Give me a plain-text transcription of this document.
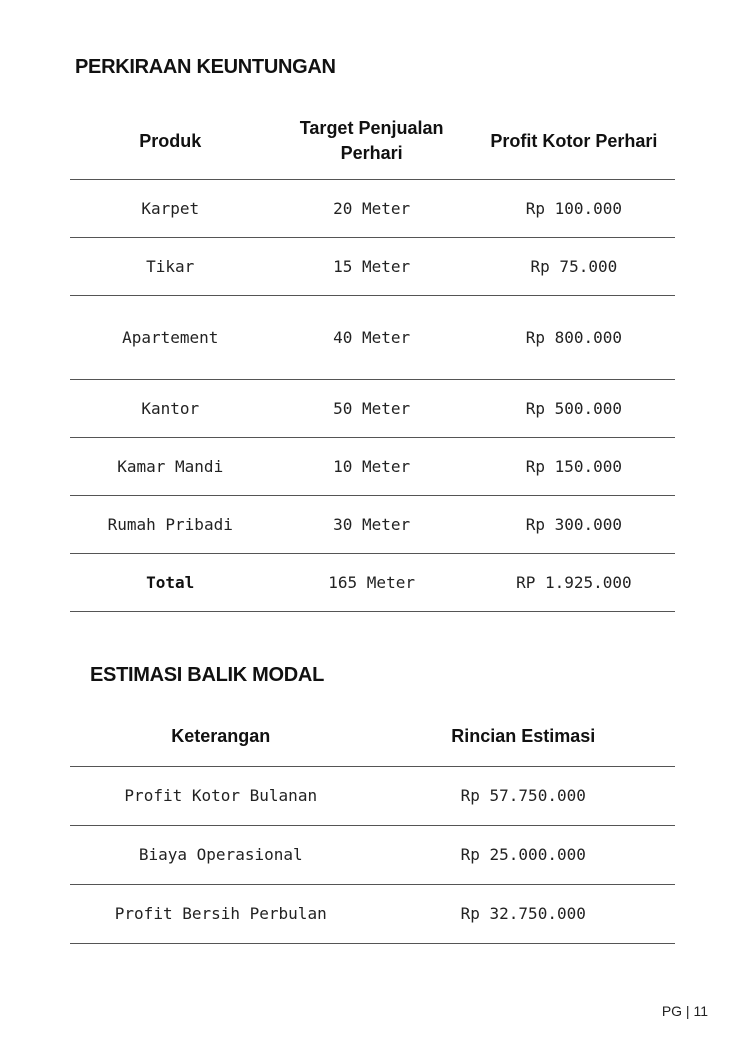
PERKIRAAN KEUNTUNGAN
Produk	Target Penjualan Perhari	Profit Kotor Perhari
Karpet	20 Meter	Rp 100.000
Tikar	15 Meter	Rp 75.000
Apartement	40 Meter	Rp 800.000
Kantor	50 Meter	Rp 500.000
Kamar Mandi	10 Meter	Rp 150.000
Rumah Pribadi	30 Meter	Rp 300.000
Total	165 Meter	RP 1.925.000
ESTIMASI BALIK MODAL
Keterangan	Rincian Estimasi
Profit Kotor Bulanan	Rp 57.750.000
Biaya Operasional	Rp 25.000.000
Profit Bersih Perbulan	Rp 32.750.000
PG | 11
